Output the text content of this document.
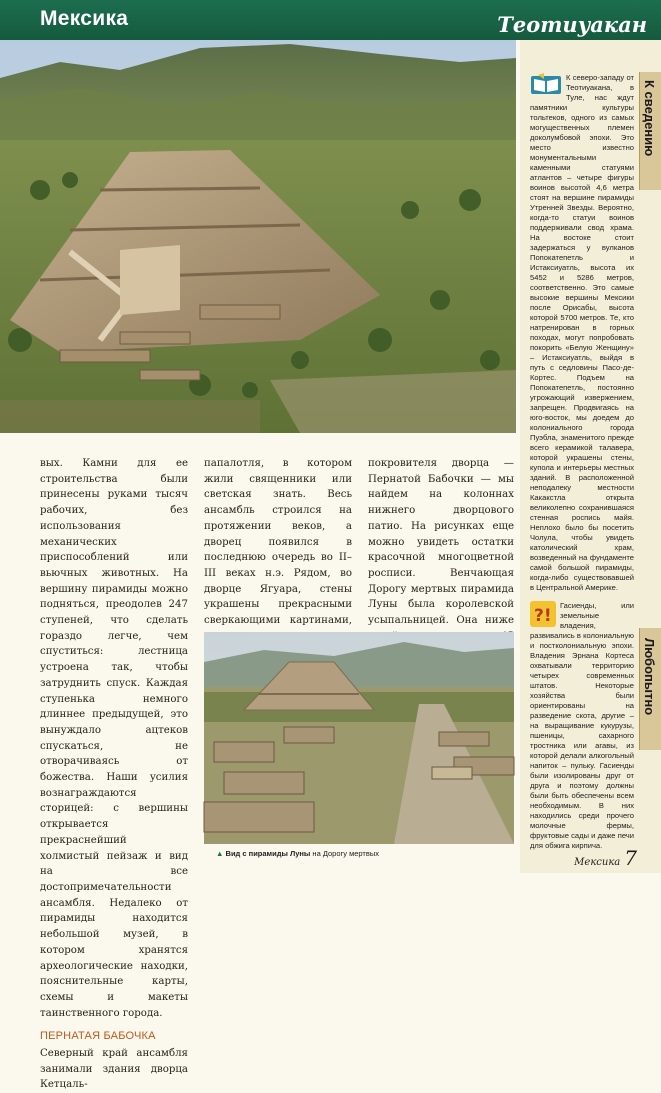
Мексика	Теотиуакан
К сведению
Любопытно
К северо-западу от Теотиуакана, в Туле, нас ждут памятники культуры тольтеков, одного из самых могущественных племен доколумбовой эпохи. Это место известно монументальными каменными статуями атлантов – четыре фигуры воинов высотой 4,6 метра стоят на вершине пирамиды Утренней Звезды. Вероятно, когда-то статуи воинов поддерживали свод храма. На востоке стоит задержаться у вулканов Попокатепетль и Истаксиуатль, высота их 5452 и 5286 метров, соответственно. Это самые высокие вершины Мексики после Орисабы, высота которой 5700 метров. Те, кто натренирован в горных походах, могут попробовать покорить «Белую Женщину» – Истаксиуатль, выйдя в путь с седловины Пасо-де-Кортес. Подъем на Попокатепетль, постоянно угрожающий извержением, запрещен. Продвигаясь на юго-восток, мы доедем до колониального города Пуэбла, знаменитого прежде всего керамикой талавера, которой украшены стены, купола и интерьеры местных зданий. В расположенной неподалеку местности Какакстла открыта великолепно сохранившаяся стенная роспись майя. Неплохо было бы посетить Чолула, чтобы увидеть католический храм, возведенный на фундаменте самой большой пирамиды, когда-либо существовавшей в Центральной Америке.
?!
Гасиенды, или земельные владения, развивались в колониальную и постколониальную эпохи. Владения Эрнана Кортеса охватывали территорию четырех современных штатов. Некоторые хозяйства были ориентированы на разведение скота, другие – на выращивание кукурузы, пшеницы, сахарного тростника или агавы, из которой делали алкогольный напиток – пульку. Гасиенды были изолированы друг от друга и поэтому должны были быть обеспечены всем необходимым. В них находились среди прочего молочные фермы, фруктовые сады и даже печи для обжига кирпича.
вых. Камни для ее строительства были принесены руками тысяч рабочих, без использования механических приспособлений или вьючных животных. На вершину пирамиды можно подняться, преодолев 247 ступеней, что сделать гораздо легче, чем спуститься: лестница устроена так, чтобы затруднить спуск. Каждая ступенька немного длиннее предыдущей, это вынуждало ацтеков спускаться, не отворачиваясь от божества. Наши усилия вознаграждаются сторицей: с вершины открывается прекраснейший холмистый пейзаж и вид на все достопримечательности ансамбля. Недалеко от пирамиды находится небольшой музей, в котором хранятся археологические находки, пояснительные карты, схемы и макеты таинственного города.
ПЕРНАТАЯ БАБОЧКА
Северный край ансамбля занимали здания дворца Кетцаль-
папалотля, в котором жили священники или светская знать. Весь ансамбль строился на протяжении веков, а дворец появился в последнюю очередь во II–III веках н.э. Рядом, во дворце Ягуара, стены украшены прекрасными сверкающими картинами,
покровителя дворца — Пернатой Бабочки — мы найдем на колоннах нижнего дворцового патио. На рисунках еще можно увидеть остатки красочной многоцветной росписи. Венчающая Дорогу мертвых пирамида Луны была королевской усыпальницей. Она ниже
▲ Вид с пирамиды Луны на Дорогу мертвых
Мексика 7
